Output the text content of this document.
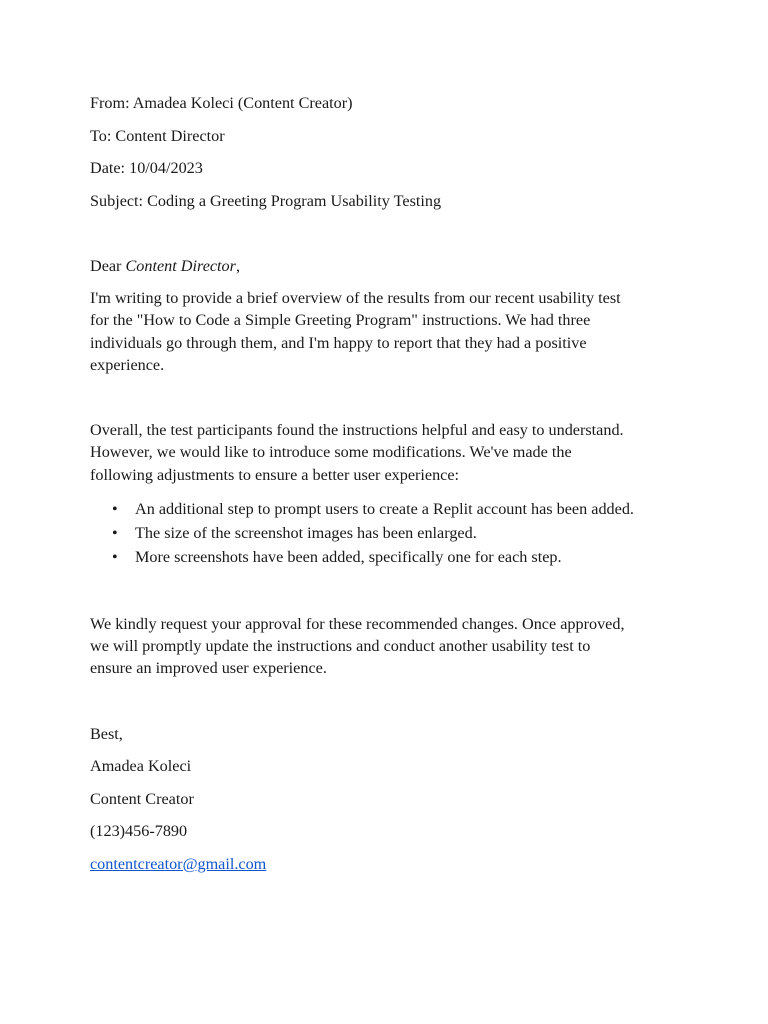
From: Amadea Koleci (Content Creator)

To: Content Director

Date: 10/04/2023

Subject: Coding a Greeting Program Usability Testing

Dear Content Director,

I'm writing to provide a brief overview of the results from our recent usability test
for the "How to Code a Simple Greeting Program" instructions. We had three
individuals go through them, and I'm happy to report that they had a positive
experience.

Overall, the test participants found the instructions helpful and easy to understand.
However, we would like to introduce some modifications. We've made the
following adjustments to ensure a better user experience:

• An additional step to prompt users to create a Replit account has been added.
• The size of the screenshot images has been enlarged.
• More screenshots have been added, specifically one for each step.

We kindly request your approval for these recommended changes. Once approved,
we will promptly update the instructions and conduct another usability test to
ensure an improved user experience.

Best,

Amadea Koleci

Content Creator

(123)456-7890

contentcreator@gmail.com
